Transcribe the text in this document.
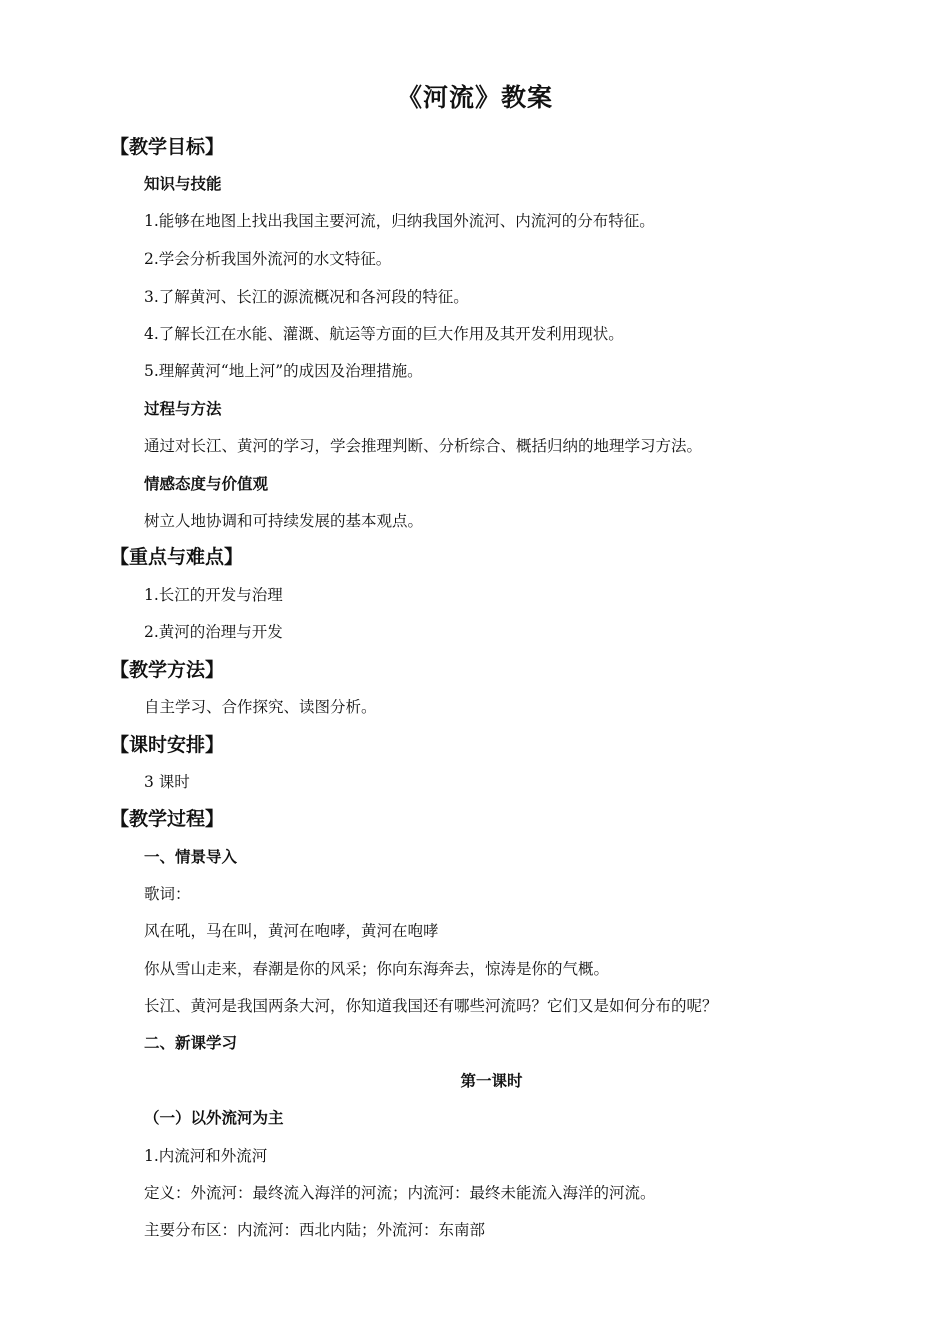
《河流》教案
【教学目标】
知识与技能
1.能够在地图上找出我国主要河流，归纳我国外流河、内流河的分布特征。
2.学会分析我国外流河的水文特征。
3.了解黄河、长江的源流概况和各河段的特征。
4.了解长江在水能、灌溉、航运等方面的巨大作用及其开发利用现状。
5.理解黄河“地上河”的成因及治理措施。
过程与方法
通过对长江、黄河的学习，学会推理判断、分析综合、概括归纳的地理学习方法。
情感态度与价值观
树立人地协调和可持续发展的基本观点。
【重点与难点】
1.长江的开发与治理
2.黄河的治理与开发
【教学方法】
自主学习、合作探究、读图分析。
【课时安排】
3 课时
【教学过程】
一、情景导入
歌词：
风在吼，马在叫，黄河在咆哮，黄河在咆哮
你从雪山走来，春潮是你的风采；你向东海奔去，惊涛是你的气概。
长江、黄河是我国两条大河，你知道我国还有哪些河流吗？它们又是如何分布的呢？
二、新课学习
第一课时
（一）以外流河为主
1.内流河和外流河
定义：外流河：最终流入海洋的河流；内流河：最终未能流入海洋的河流。
主要分布区：内流河：西北内陆；外流河：东南部
